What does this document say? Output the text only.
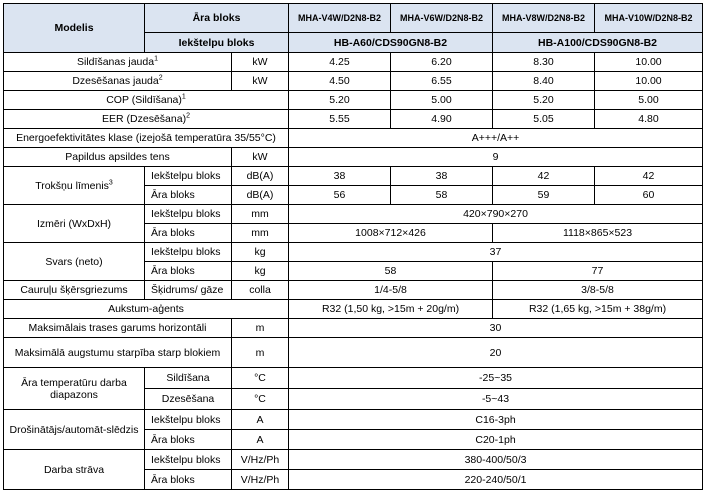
Modelis	Āra bloks		MHA-V4W/D2N8-B2	MHA-V6W/D2N8-B2	MHA-V8W/D2N8-B2	MHA-V10W/D2N8-B2
	Iekštelpu bloks		HB-A60/CDS90GN8-B2		HB-A100/CDS90GN8-B2	
Sildīšanas jauda$^1$		kW	4.25	6.20	8.30	10.00
Dzesēšanas jauda$^2$		kW	4.50	6.55	8.40	10.00
COP (Sildīšana)$^1$			5.20	5.00	5.20	5.00
EER (Dzesēšana)$^2$			5.55	4.90	5.05	4.80
Energoefektivitātes klase (izejošā temperatūra 35/55°C)			A+++/A++			
Papildus apsildes tens		kW	9			
Trokšņu līmenis$^3$	Iekštelpu bloks	dB(A)	38	38	42	42
	Āra bloks	dB(A)	56	58	59	60
Izmēri (WxDxH)	Iekštelpu bloks	mm	420×790×270			
	Āra bloks	mm	1008×712×426		1118×865×523	
Svars (neto)	Iekštelpu bloks	kg	37			
	Āra bloks	kg	58		77	
Cauruļu šķērsgriezums	Šķidrums/ gāze	colla	1/4-5/8		3/8-5/8	
Aukstum-aģents			R32 (1,50 kg, >15m + 20g/m)		R32 (1,65 kg, >15m + 38g/m)	
Maksimālais trases garums horizontāli		m	30			
Maksimālā augstumu starpība starp blokiem		m	20			
Āra temperatūru darba diapazons	Sildīšana	°C	-25~35			
	Dzesēšana	°C	-5~43			
Drošinātājs/automāt-slēdzis	Iekštelpu bloks	A	C16-3ph			
	Āra bloks	A	C20-1ph			
Darba strāva	Iekštelpu bloks	V/Hz/Ph	380-400/50/3			
	Āra bloks	V/Hz/Ph	220-240/50/1			
